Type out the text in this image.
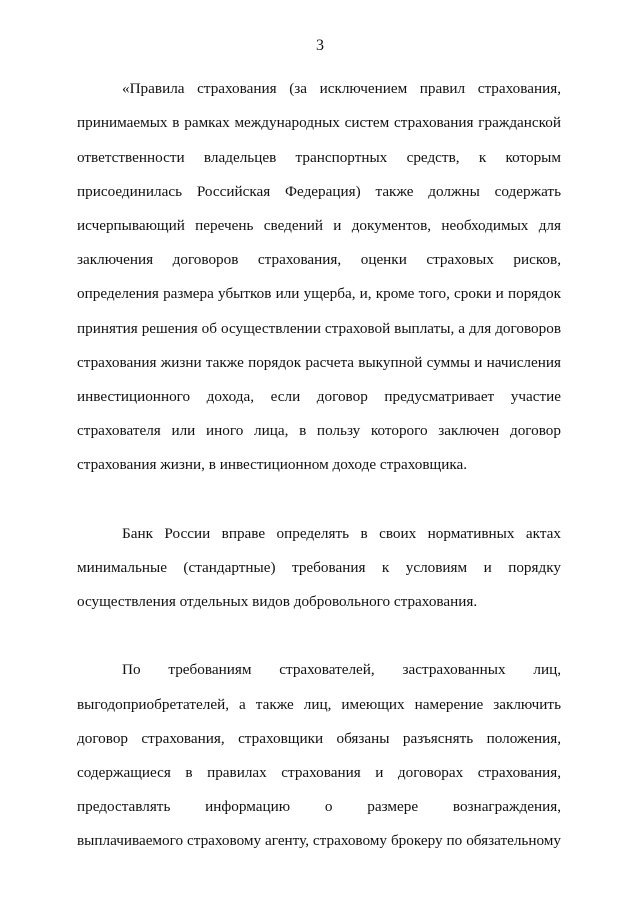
3
«Правила страхования (за исключением правил страхования,
принимаемых в рамках международных систем страхования гражданской
ответственности владельцев транспортных средств, к которым
присоединилась Российская Федерация) также должны содержать
исчерпывающий перечень сведений и документов, необходимых для
заключения договоров страхования, оценки страховых рисков,
определения размера убытков или ущерба, и, кроме того, сроки и порядок
принятия решения об осуществлении страховой выплаты, а для договоров
страхования жизни также порядок расчета выкупной суммы и начисления
инвестиционного дохода, если договор предусматривает участие
страхователя или иного лица, в пользу которого заключен договор
страхования жизни, в инвестиционном доходе страховщика.
Банк России вправе определять в своих нормативных актах
минимальные (стандартные) требования к условиям и порядку
осуществления отдельных видов добровольного страхования.
По требованиям страхователей, застрахованных лиц,
выгодоприобретателей, а также лиц, имеющих намерение заключить
договор страхования, страховщики обязаны разъяснять положения,
содержащиеся в правилах страхования и договорах страхования,
предоставлять информацию о размере вознаграждения,
выплачиваемого страховому агенту, страховому брокеру по обязательному
